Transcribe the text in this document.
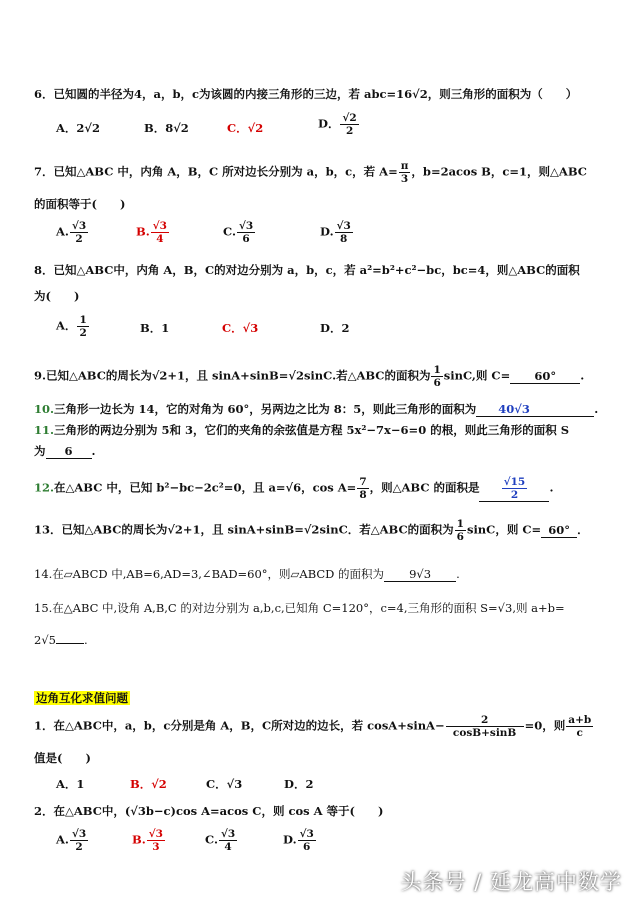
6．已知圆的半径为4，a，b，c为该圆的内接三角形的三边，若 abc=16√2，则三角形的面积为（　　）
A．2√2	B．8√2	C．√2	D． $\frac{√2}{2}$
7．已知△ABC 中，内角 A，B，C 所对边长分别为 a，b，c，若 $A= \frac{\pi}{3}$ ，b=2acos B，c=1，则△ABC
的面积等于(　　)
A. $\frac{√3}{2}$	B. $\frac{√3}{4}$	C. $\frac{√3}{6}$	D. $\frac{√3}{8}$
8．已知△ABC中，内角 A，B，C的对边分别为 a，b，c，若 a²=b²+c²−bc，bc=4，则△ABC的面积
为(　　)
A． $\frac{1}{2}$	B．1	C．√3	D．2
9.已知△ABC的周长为√2+1，且 sinA+sinB=√2sinC.若△ABC的面积为 $\frac{1}{6} \sin C$,则 C= 60° .
10.三角形一边长为 14，它的对角为 60°，另两边之比为 8：5，则此三角形的面积为 40√3	.
11.三角形的两边分别为 5和 3，它们的夹角的余弦值是方程 5x²−7x−6=0 的根，则此三角形的面积 S
为 6 .
12.在△ABC 中，已知 b²−bc−2c²=0，且 a=√6，$\cos A= \frac{7}{8}$ ，则△ABC 的面积是 $\frac{√15}{2}$ .
13．已知△ABC的周长为√2+1，且 sinA+sinB=√2sinC．若△ABC的面积为 $\frac{1}{6}$ sinC，则 C= 60° ．
14.在▱ABCD 中,AB=6,AD=3,∠BAD=60°，则▱ABCD 的面积为 9√3 .
15.在△ABC 中,设角 A,B,C 的对边分别为 a,b,c,已知角 C=120°，c=4,三角形的面积 S=√3,则 a+b=
2√5 .
边角互化求值问题
1．在△ABC中，a，b，c分别是角 A，B，C所对边的边长，若 $\cos A+\sin A- \frac{2}{\cos B+\sin B} =0$，则 $\frac{a+b}{c}$
值是(　　)
A．1	B．√2	C．√3	D．2
2．在△ABC中，(√3b−c)cos A=acos C，则 cos A 等于(　　)
A. $\frac{√3}{2}$	B. $\frac{√3}{3}$	C. $\frac{√3}{4}$	D. $\frac{√3}{6}$
头条号 / 延龙高中数学
